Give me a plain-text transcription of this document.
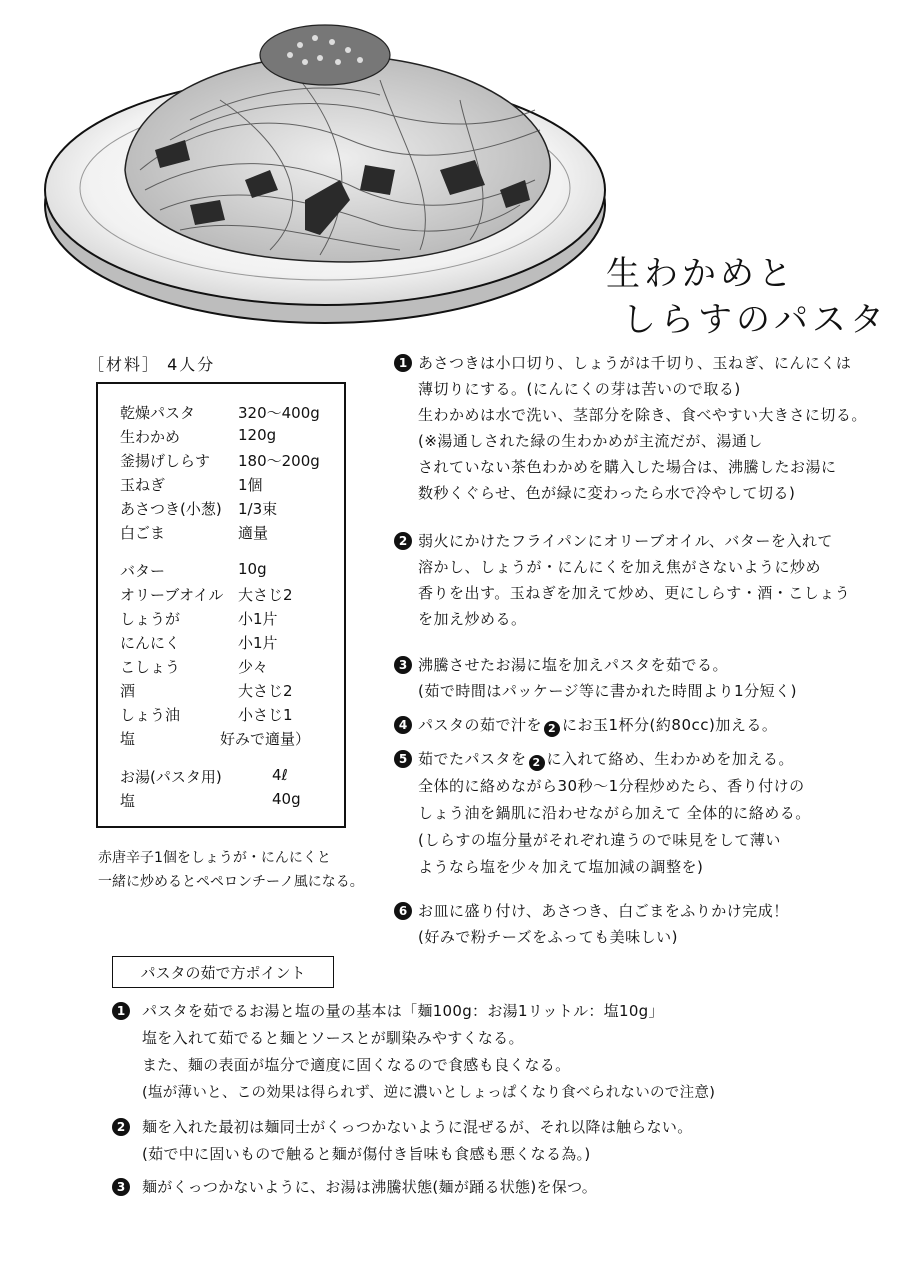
生わかめと
しらすのパスタ
［材料］ 4人分
乾燥パスタ	320～400g
生わかめ	120g
釜揚げしらす 180～200g
玉ねぎ	1個
あさつき(小葱) 1/3束
白ごま	適量
バター	10g
オリーブオイル 大さじ2
しょうが	小1片
にんにく	小1片
こしょう	少々
酒	大さじ2
しょう油	小さじ1
塩	好みで適量）
お湯(パスタ用)	4ℓ
塩	40g
赤唐辛子1個をしょうが・にんにくと
一緒に炒めるとペペロンチーノ風になる。
1 あさつきは小口切り、しょうがは千切り、玉ねぎ、にんにくは
薄切りにする。(にんにくの芽は苦いので取る)
生わかめは水で洗い、茎部分を除き、食べやすい大きさに切る。
(※湯通しされた緑の生わかめが主流だが、湯通し
されていない茶色わかめを購入した場合は、沸騰したお湯に
数秒くぐらせ、色が緑に変わったら水で冷やして切る)
2 弱火にかけたフライパンにオリーブオイル、バターを入れて
溶かし、しょうが・にんにくを加え焦がさないように炒め
香りを出す。玉ねぎを加えて炒め、更にしらす・酒・こしょう
を加え炒める。
3 沸騰させたお湯に塩を加えパスタを茹でる。
(茹で時間はパッケージ等に書かれた時間より1分短く)
4 パスタの茹で汁を 2 にお玉1杯分(約80cc)加える。
5 茹でたパスタを 2 に入れて絡め、生わかめを加える。
全体的に絡めながら30秒～1分程炒めたら、香り付けの
しょう油を鍋肌に沿わせながら加えて 全体的に絡める。
(しらすの塩分量がそれぞれ違うので味見をして薄い
ようなら塩を少々加えて塩加減の調整を)
6 お皿に盛り付け、あさつき、白ごまをふりかけ完成！
(好みで粉チーズをふっても美味しい)
パスタの茹で方ポイント
1	パスタを茹でるお湯と塩の量の基本は「麺100g：お湯1リットル：塩10g」
塩を入れて茹でると麺とソースとが馴染みやすくなる。
また、麺の表面が塩分で適度に固くなるので食感も良くなる。
(塩が薄いと、この効果は得られず、逆に濃いとしょっぱくなり食べられないので注意)
2	麺を入れた最初は麺同士がくっつかないように混ぜるが、それ以降は触らない。
(茹で中に固いもので触ると麺が傷付き旨味も食感も悪くなる為。)
3	麺がくっつかないように、お湯は沸騰状態(麺が踊る状態)を保つ。
